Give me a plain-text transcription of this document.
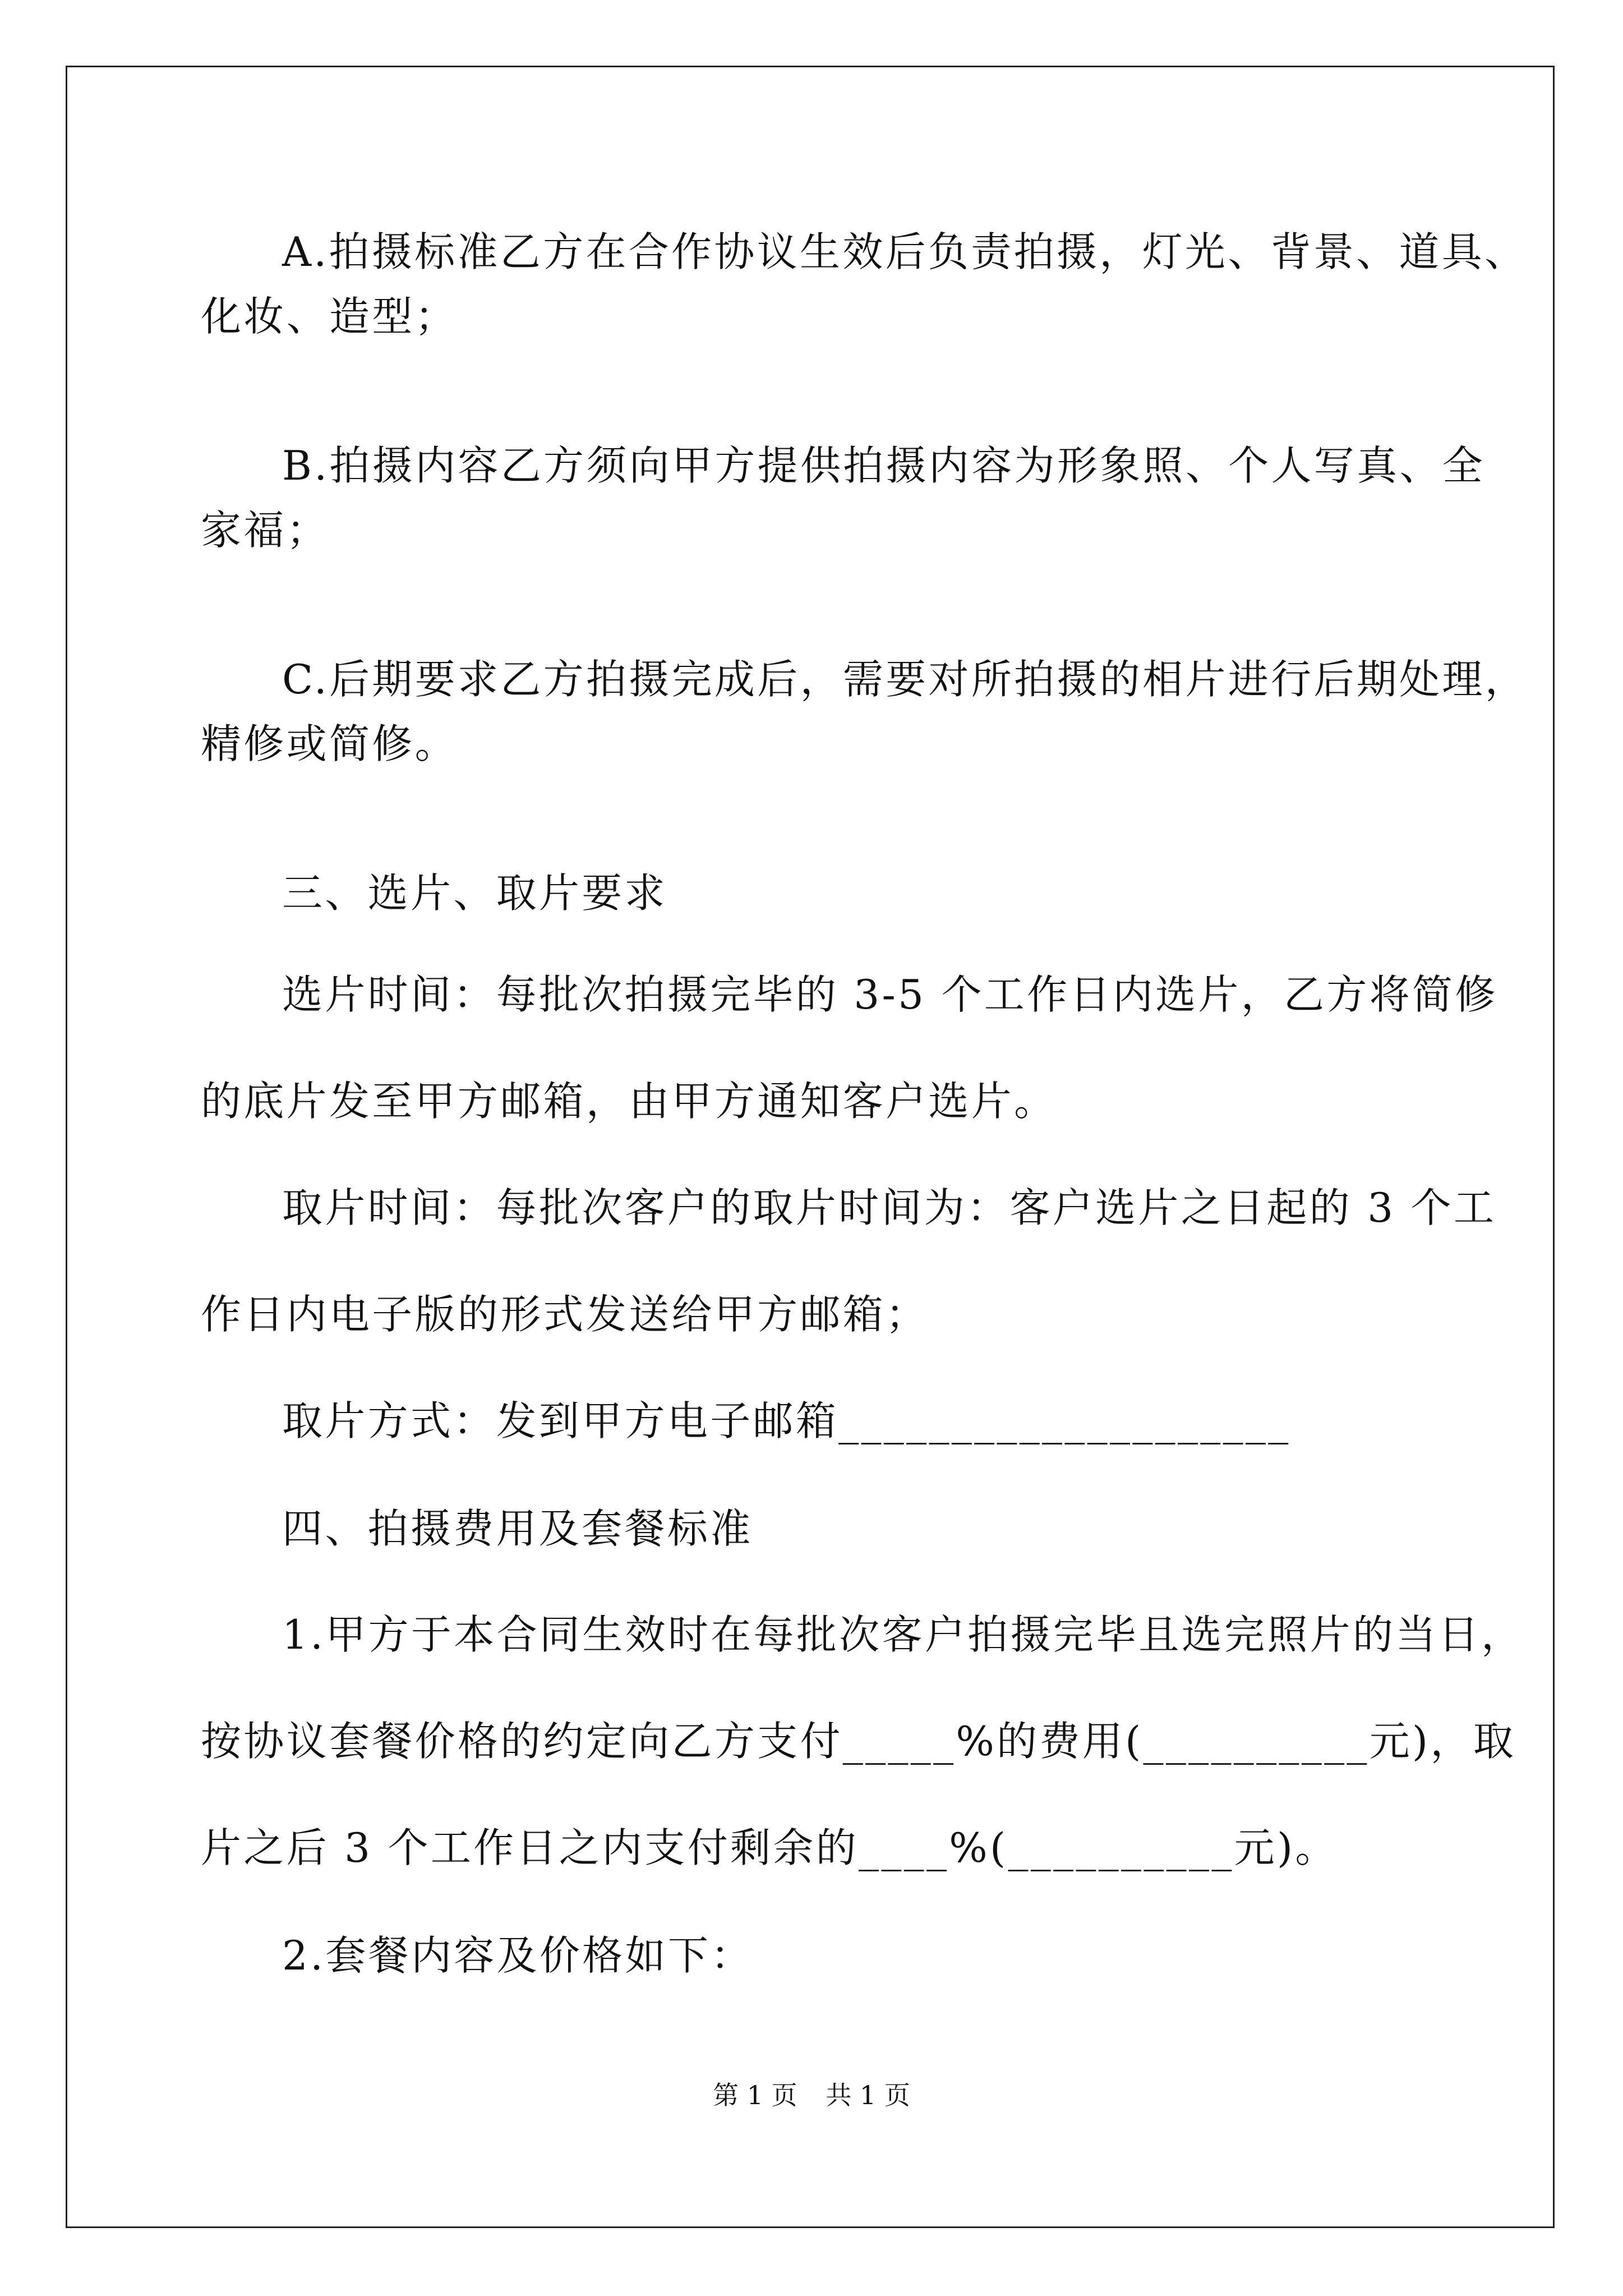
A.拍摄标准乙方在合作协议生效后负责拍摄，灯光、背景、道具、
化妆、造型；
B.拍摄内容乙方须向甲方提供拍摄内容为形象照、个人写真、全
家福；
C.后期要求乙方拍摄完成后，需要对所拍摄的相片进行后期处理，
精修或简修。
三、选片、取片要求
选片时间：每批次拍摄完毕的 3-5 个工作日内选片，乙方将简修
的底片发至甲方邮箱，由甲方通知客户选片。
取片时间：每批次客户的取片时间为：客户选片之日起的 3 个工
作日内电子版的形式发送给甲方邮箱；
取片方式：发到甲方电子邮箱____________________
四、拍摄费用及套餐标准
1.甲方于本合同生效时在每批次客户拍摄完毕且选完照片的当日，
按协议套餐价格的约定向乙方支付_____%的费用(__________元)，取
片之后 3 个工作日之内支付剩余的____%(__________元)。
2.套餐内容及价格如下：
第 1 页 共 1 页
